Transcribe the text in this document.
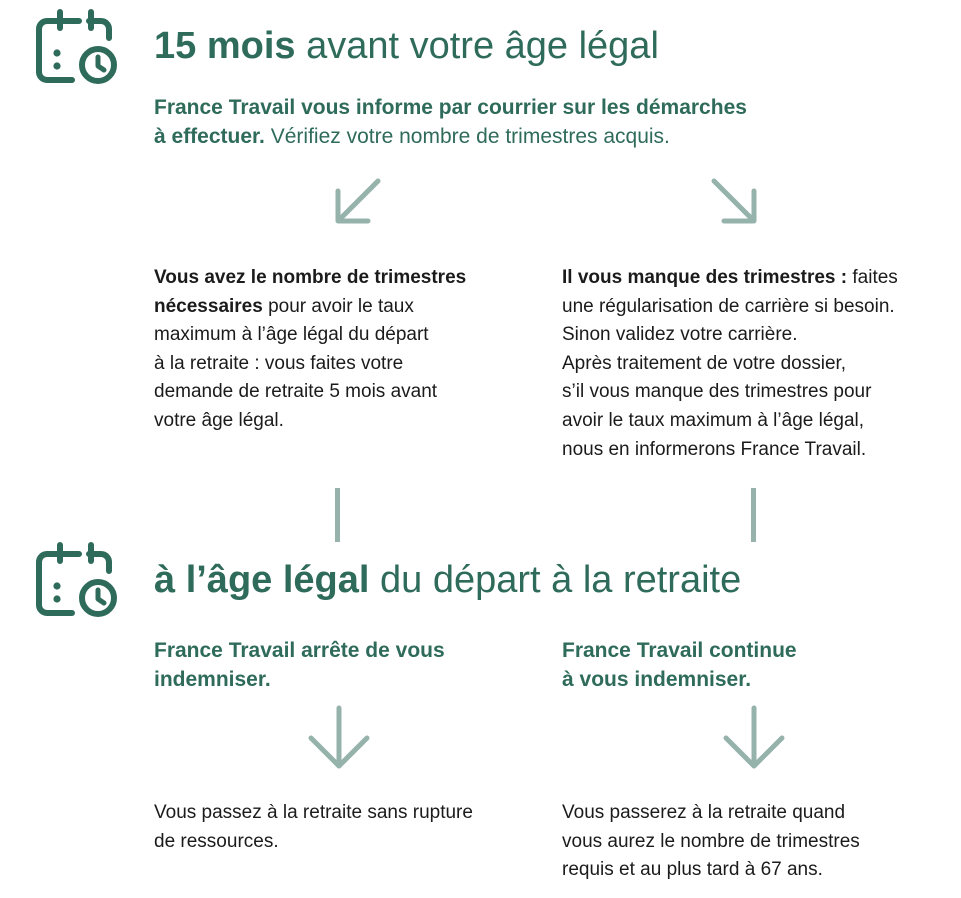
15 mois avant votre âge légal
France Travail vous informe par courrier sur les démarches
à effectuer. Vérifiez votre nombre de trimestres acquis.
Vous avez le nombre de trimestres
nécessaires pour avoir le taux
maximum à l’âge légal du départ
à la retraite : vous faites votre
demande de retraite 5 mois avant
votre âge légal.
Il vous manque des trimestres : faites
une régularisation de carrière si besoin.
Sinon validez votre carrière.
Après traitement de votre dossier,
s’il vous manque des trimestres pour
avoir le taux maximum à l’âge légal,
nous en informerons France Travail.
à l’âge légal du départ à la retraite
France Travail arrête de vous
indemniser.
France Travail continue
à vous indemniser.
Vous passez à la retraite sans rupture
de ressources.
Vous passerez à la retraite quand
vous aurez le nombre de trimestres
requis et au plus tard à 67 ans.
